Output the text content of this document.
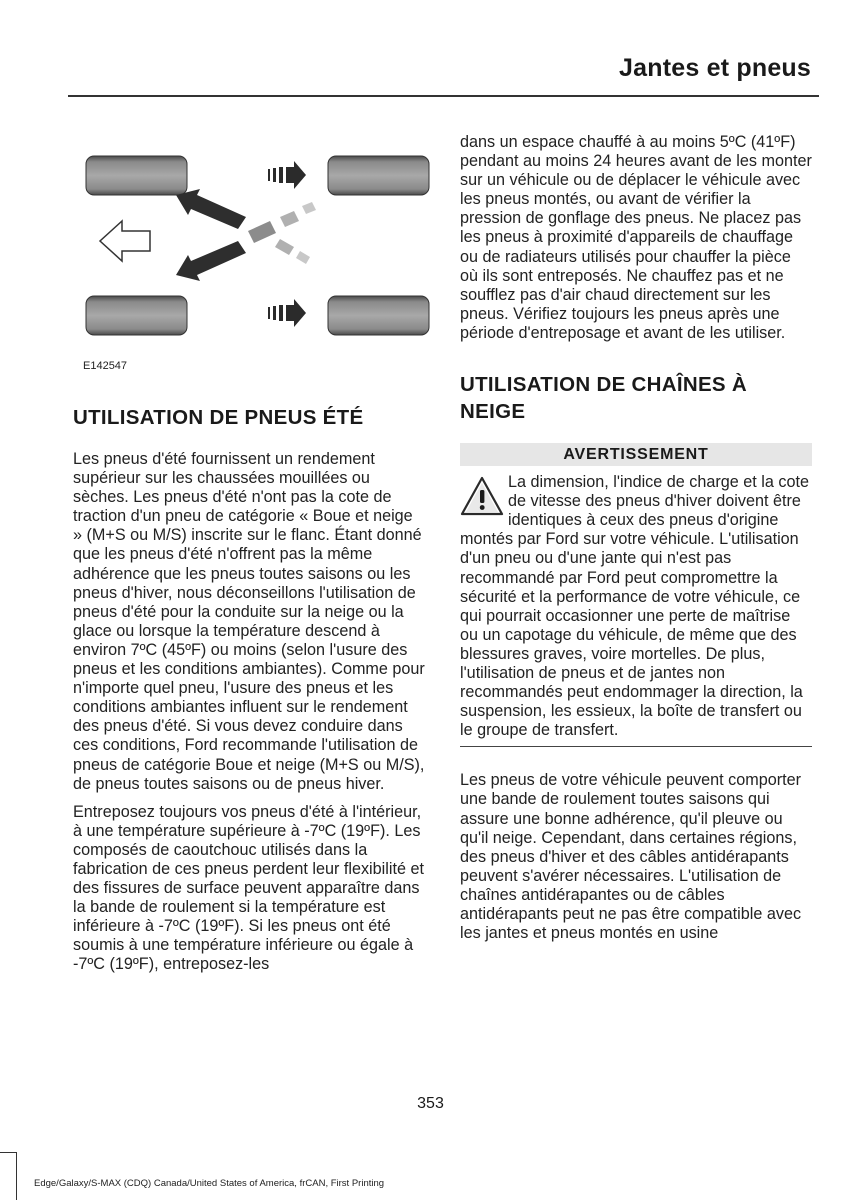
Jantes et pneus
E142547
UTILISATION DE PNEUS ÉTÉ

Les pneus d'été fournissent un rendement supérieur sur les chaussées mouillées ou sèches. Les pneus d'été n'ont pas la cote de traction d'un pneu de catégorie « Boue et neige » (M+S ou M/S) inscrite sur le flanc. Étant donné que les pneus d'été n'offrent pas la même adhérence que les pneus toutes saisons ou les pneus d'hiver, nous déconseillons l'utilisation de pneus d'été pour la conduite sur la neige ou la glace ou lorsque la température descend à environ 7ºC (45ºF) ou moins (selon l'usure des pneus et les conditions ambiantes). Comme pour n'importe quel pneu, l'usure des pneus et les conditions ambiantes influent sur le rendement des pneus d'été. Si vous devez conduire dans ces conditions, Ford recommande l'utilisation de pneus de catégorie Boue et neige (M+S ou M/S), de pneus toutes saisons ou de pneus hiver.

Entreposez toujours vos pneus d'été à l'intérieur, à une température supérieure à -7ºC (19ºF). Les composés de caoutchouc utilisés dans la fabrication de ces pneus perdent leur flexibilité et des fissures de surface peuvent apparaître dans la bande de roulement si la température est inférieure à -7ºC (19ºF). Si les pneus ont été soumis à une température inférieure ou égale à -7ºC (19ºF), entreposez-les

dans un espace chauffé à au moins 5ºC (41ºF) pendant au moins 24 heures avant de les monter sur un véhicule ou de déplacer le véhicule avec les pneus montés, ou avant de vérifier la pression de gonflage des pneus. Ne placez pas les pneus à proximité d'appareils de chauffage ou de radiateurs utilisés pour chauffer la pièce où ils sont entreposés. Ne chauffez pas et ne soufflez pas d'air chaud directement sur les pneus. Vérifiez toujours les pneus après une période d'entreposage et avant de les utiliser.

UTILISATION DE CHAÎNES À NEIGE
AVERTISSEMENT

La dimension, l'indice de charge et la cote de vitesse des pneus d'hiver doivent être identiques à ceux des pneus d'origine montés par Ford sur votre véhicule. L'utilisation d'un pneu ou d'une jante qui n'est pas recommandé par Ford peut compromettre la sécurité et la performance de votre véhicule, ce qui pourrait occasionner une perte de maîtrise ou un capotage du véhicule, de même que des blessures graves, voire mortelles. De plus, l'utilisation de pneus et de jantes non recommandés peut endommager la direction, la suspension, les essieux, la boîte de transfert ou le groupe de transfert.

Les pneus de votre véhicule peuvent comporter une bande de roulement toutes saisons qui assure une bonne adhérence, qu'il pleuve ou qu'il neige. Cependant, dans certaines régions, des pneus d'hiver et des câbles antidérapants peuvent s'avérer nécessaires. L'utilisation de chaînes antidérapantes ou de câbles antidérapants peut ne pas être compatible avec les jantes et pneus montés en usine

353
Edge/Galaxy/S-MAX (CDQ) Canada/United States of America, frCAN, First Printing
